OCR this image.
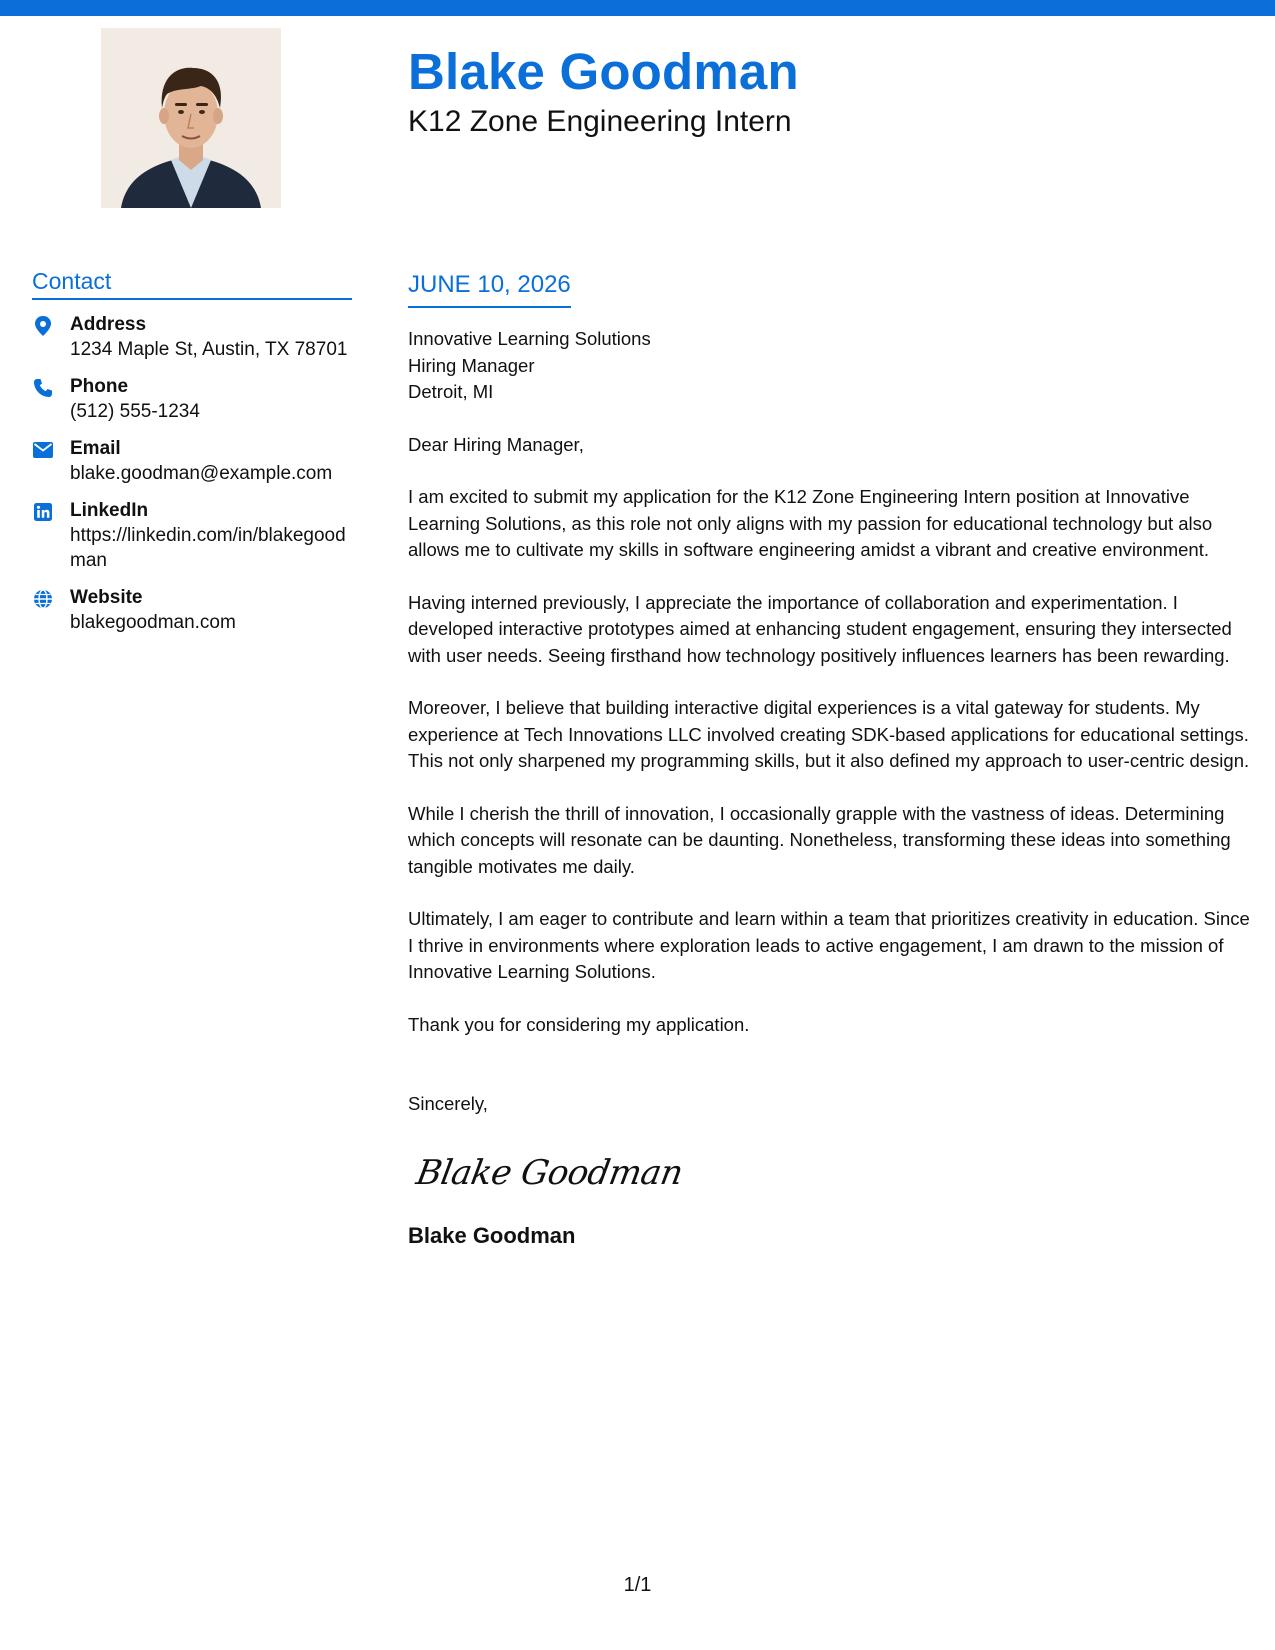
Blake Goodman
K12 Zone Engineering Intern
Contact
Address
1234 Maple St, Austin, TX 78701
Phone
(512) 555-1234
Email
blake.goodman@example.com
LinkedIn
https://linkedin.com/in/blakegoodman
Website
blakegoodman.com
JUNE 10, 2026
Innovative Learning Solutions
Hiring Manager
Detroit, MI
Dear Hiring Manager,
I am excited to submit my application for the K12 Zone Engineering Intern position at Innovative Learning Solutions, as this role not only aligns with my passion for educational technology but also allows me to cultivate my skills in software engineering amidst a vibrant and creative environment.
Having interned previously, I appreciate the importance of collaboration and experimentation. I developed interactive prototypes aimed at enhancing student engagement, ensuring they intersected with user needs. Seeing firsthand how technology positively influences learners has been rewarding.
Moreover, I believe that building interactive digital experiences is a vital gateway for students. My experience at Tech Innovations LLC involved creating SDK-based applications for educational settings. This not only sharpened my programming skills, but it also defined my approach to user-centric design.
While I cherish the thrill of innovation, I occasionally grapple with the vastness of ideas. Determining which concepts will resonate can be daunting. Nonetheless, transforming these ideas into something tangible motivates me daily.
Ultimately, I am eager to contribute and learn within a team that prioritizes creativity in education. Since I thrive in environments where exploration leads to active engagement, I am drawn to the mission of Innovative Learning Solutions.
Thank you for considering my application.
Sincerely,
Blake Goodman
Blake Goodman
1/1
